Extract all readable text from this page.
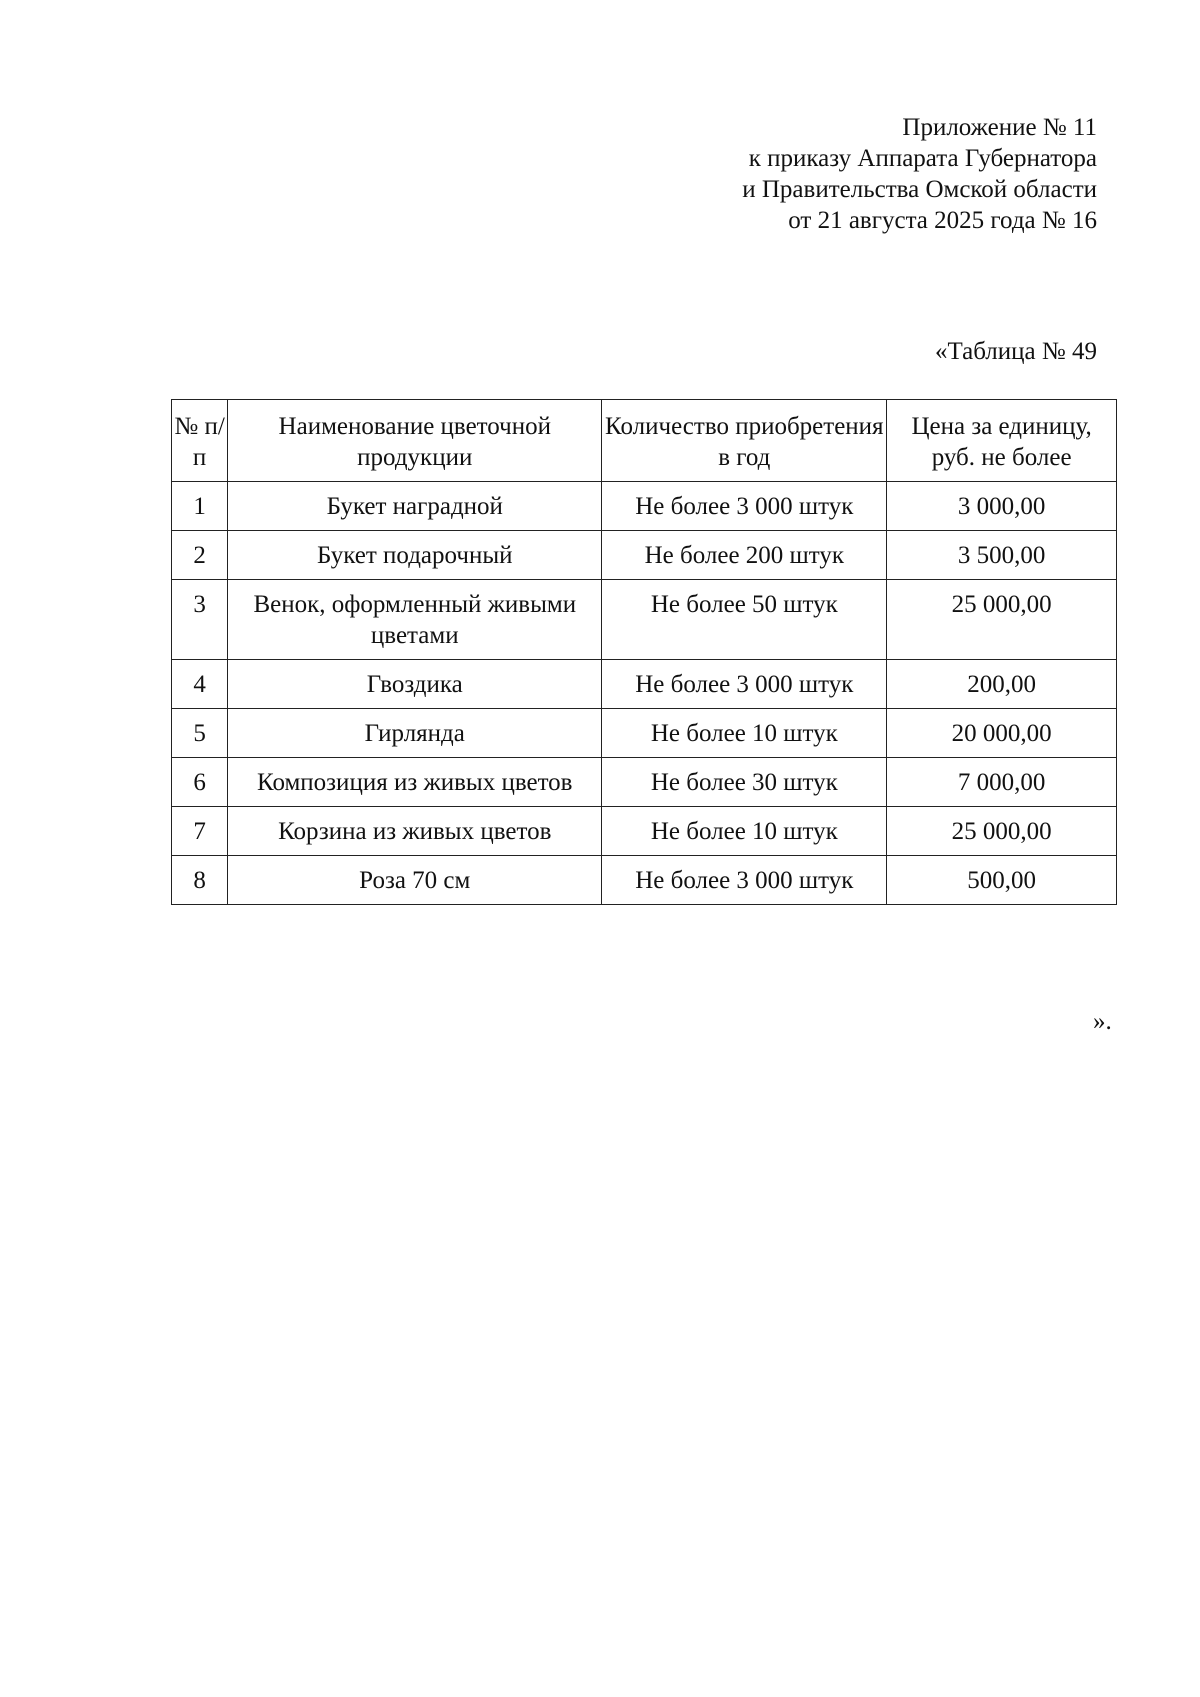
Приложение № 11
к приказу Аппарата Губернатора
и Правительства Омской области
от 21 августа 2025 года № 16
«Таблица № 49
№ п/п	Наименование цветочной продукции	Количество приобретения в год	Цена за единицу, руб. не более
1	Букет наградной	Не более 3 000 штук	3 000,00
2	Букет подарочный	Не более 200 штук	3 500,00
3	Венок, оформленный живыми цветами	Не более 50 штук	25 000,00
4	Гвоздика	Не более 3 000 штук	200,00
5	Гирлянда	Не более 10 штук	20 000,00
6	Композиция из живых цветов	Не более 30 штук	7 000,00
7	Корзина из живых цветов	Не более 10 штук	25 000,00
8	Роза 70 см	Не более 3 000 штук	500,00
».
